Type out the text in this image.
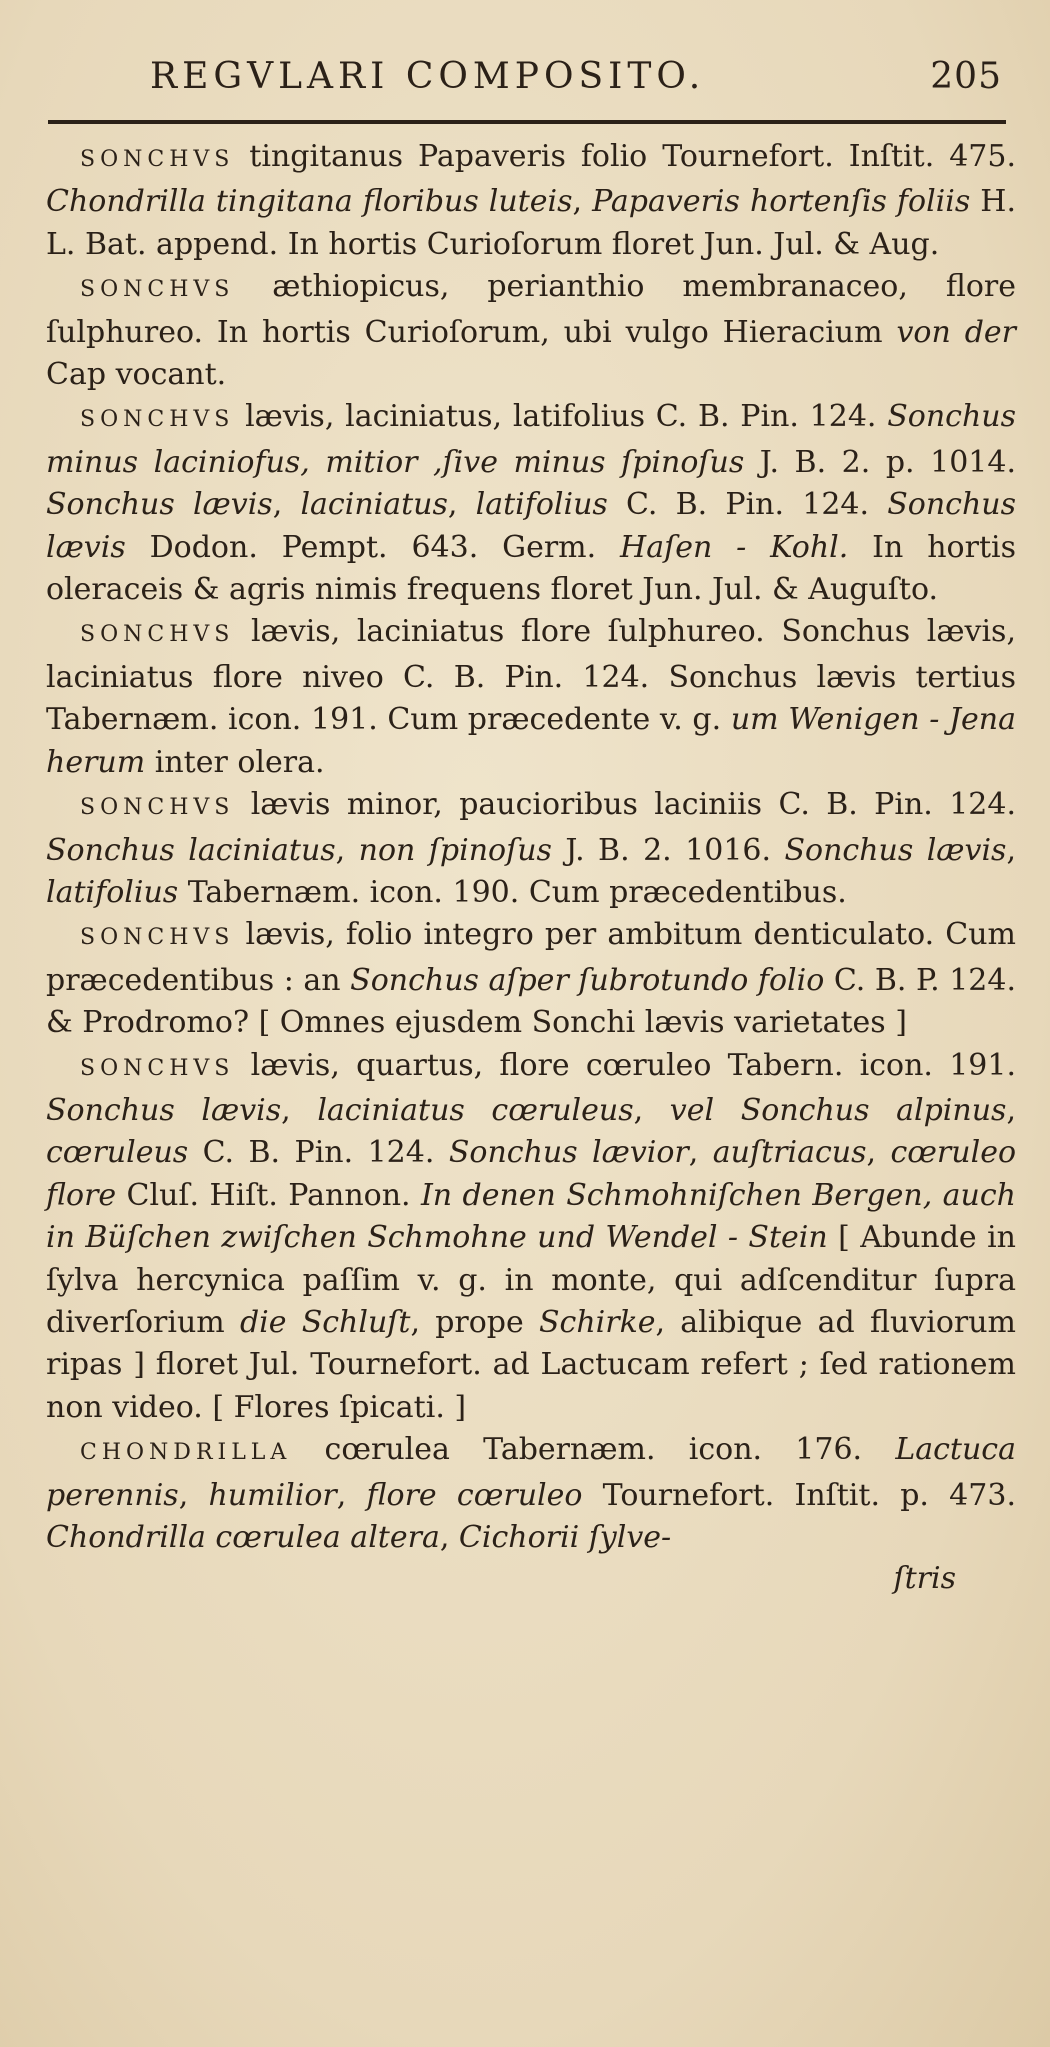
REGVLARI COMPOSITO.	205

SONCHVS tingitanus Papaveris folio Tournefort. Inſtit. 475. Chondrilla tingitana floribus luteis, Papaveris hortenſis foliis H. L. Bat. append. In hortis Curioſorum floret Jun. Jul. & Aug.

SONCHVS æthiopicus, perianthio membranaceo, flore ſulphureo. In hortis Curioſorum, ubi vulgo Hieracium von der Cap vocant.

SONCHVS lævis, laciniatus, latifolius C. B. Pin. 124. Sonchus minus laciniofus, mitior ,ſive minus ſpinoſus J. B. 2. p. 1014. Sonchus lævis, laciniatus, latifolius C. B. Pin. 124. Sonchus lævis Dodon. Pempt. 643. Germ. Haſen - Kohl. In hortis oleraceis & agris nimis frequens floret Jun. Jul. & Auguſto.

SONCHVS lævis, laciniatus flore ſulphureo. Sonchus lævis, laciniatus flore niveo C. B. Pin. 124. Sonchus lævis tertius Tabernæm. icon. 191. Cum præcedente v. g. um Wenigen - Jena herum inter olera.

SONCHVS lævis minor, paucioribus laciniis C. B. Pin. 124. Sonchus laciniatus, non ſpinoſus J. B. 2. 1016. Sonchus lævis, latifolius Tabernæm. icon. 190. Cum præcedentibus.

SONCHVS lævis, folio integro per ambitum denticulato. Cum præcedentibus : an Sonchus aſper ſubrotundo folio C. B. P. 124. & Prodromo? [ Omnes ejusdem Sonchi lævis varietates ]

SONCHVS lævis, quartus, flore cœruleo Tabern. icon. 191. Sonchus lævis, laciniatus cœruleus, vel Sonchus alpinus, cœruleus C. B. Pin. 124. Sonchus lævior, auſtriacus, cœruleo flore Cluſ. Hiſt. Pannon. In denen Schmohniſchen Bergen, auch in Büſchen zwiſchen Schmohne und Wendel - Stein [ Abunde in ſylva hercynica paſſim v. g. in monte, qui adſcenditur ſupra diverſorium die Schluſt, prope Schirke, alibique ad fluviorum ripas ] floret Jul. Tournefort. ad Lactucam refert ; ſed rationem non video. [ Flores ſpicati. ]

CHONDRILLA cœrulea Tabernæm. icon. 176. Lactuca perennis, humilior, flore cœruleo Tournefort. Inſtit. p. 473. Chondrilla cœrulea altera, Cichorii ſylve-

ſtris
